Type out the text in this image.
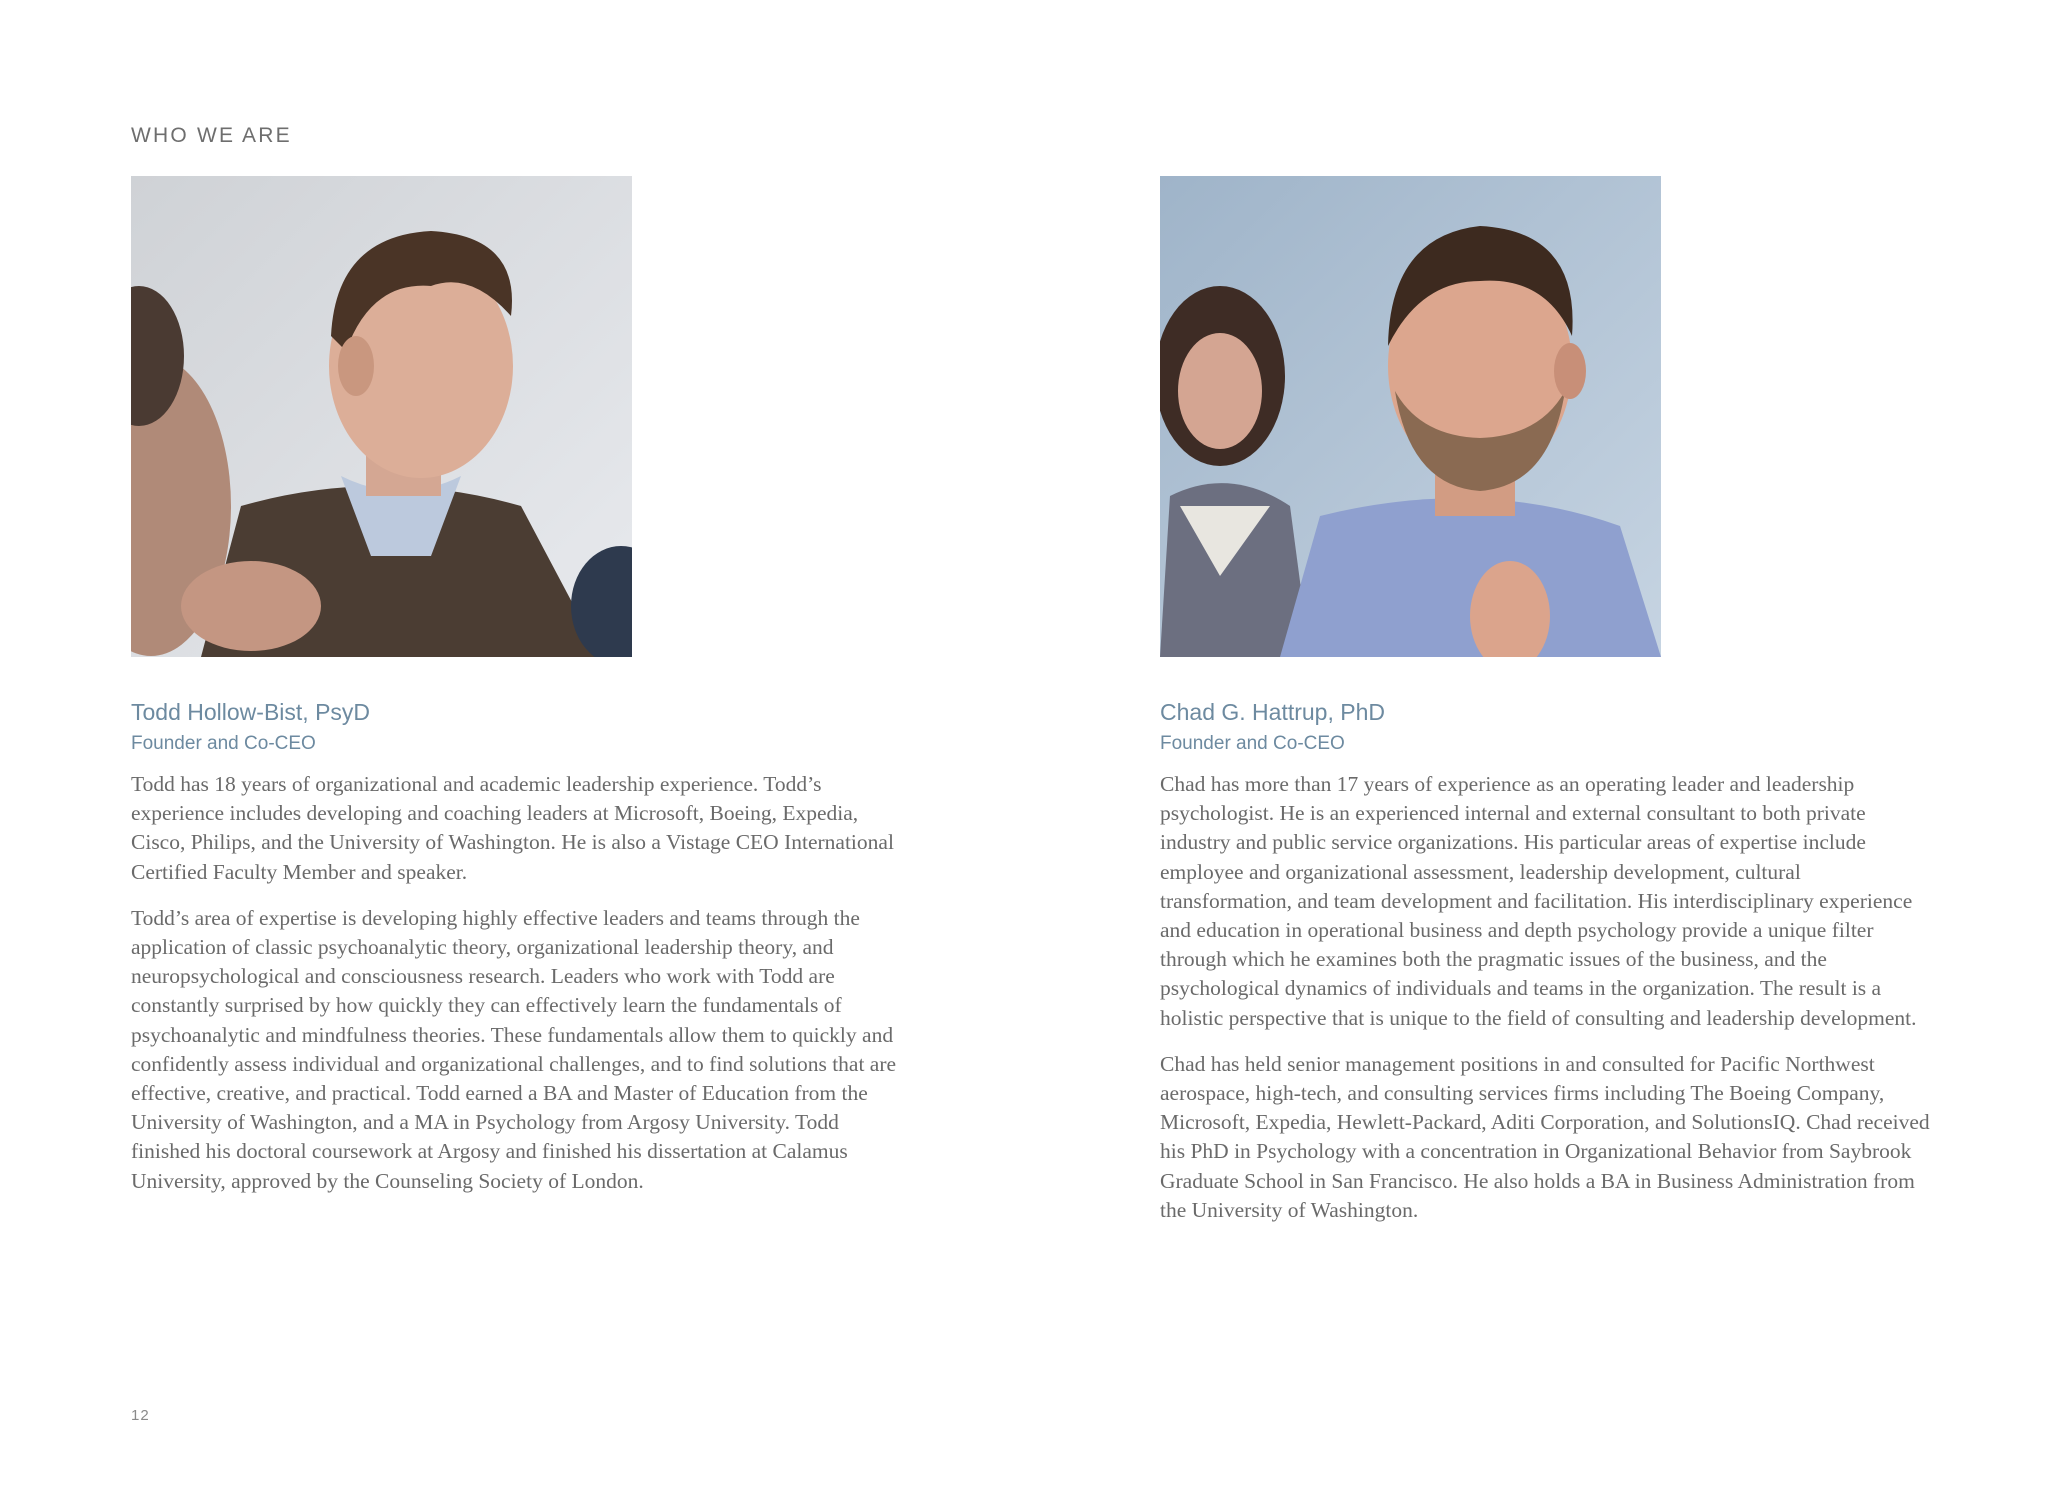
WHO WE ARE
Todd Hollow-Bist, PsyD
Founder and Co-CEO

Todd has 18 years of organizational and academic leadership experience. Todd’s experience includes developing and coaching leaders at Microsoft, Boeing, Expedia, Cisco, Philips, and the University of Washington. He is also a Vistage CEO International Certified Faculty Member and speaker.

Todd’s area of expertise is developing highly effective leaders and teams through the application of classic psychoanalytic theory, organizational leadership theory, and neuropsychological and consciousness research. Leaders who work with Todd are constantly surprised by how quickly they can effectively learn the fundamentals of psychoanalytic and mindfulness theories. These fundamentals allow them to quickly and confidently assess individual and organizational challenges, and to find solutions that are effective, creative, and practical. Todd earned a BA and Master of Education from the University of Washington, and a MA in Psychology from Argosy University. Todd finished his doctoral coursework at Argosy and finished his dissertation at Calamus University, approved by the Counseling Society of London.

Chad G. Hattrup, PhD
Founder and Co-CEO

Chad has more than 17 years of experience as an operating leader and leadership psychologist. He is an experienced internal and external consultant to both private industry and public service organizations. His particular areas of expertise include employee and organizational assessment, leadership development, cultural transformation, and team development and facilitation. His interdisciplinary experience and education in operational business and depth psychology provide a unique filter through which he examines both the pragmatic issues of the business, and the psychological dynamics of individuals and teams in the organization. The result is a holistic perspective that is unique to the field of consulting and leadership development.

Chad has held senior management positions in and consulted for Pacific Northwest aerospace, high-tech, and consulting services firms including The Boeing Company, Microsoft, Expedia, Hewlett-Packard, Aditi Corporation, and SolutionsIQ. Chad received his PhD in Psychology with a concentration in Organizational Behavior from Saybrook Graduate School in San Francisco. He also holds a BA in Business Administration from the University of Washington.

12
